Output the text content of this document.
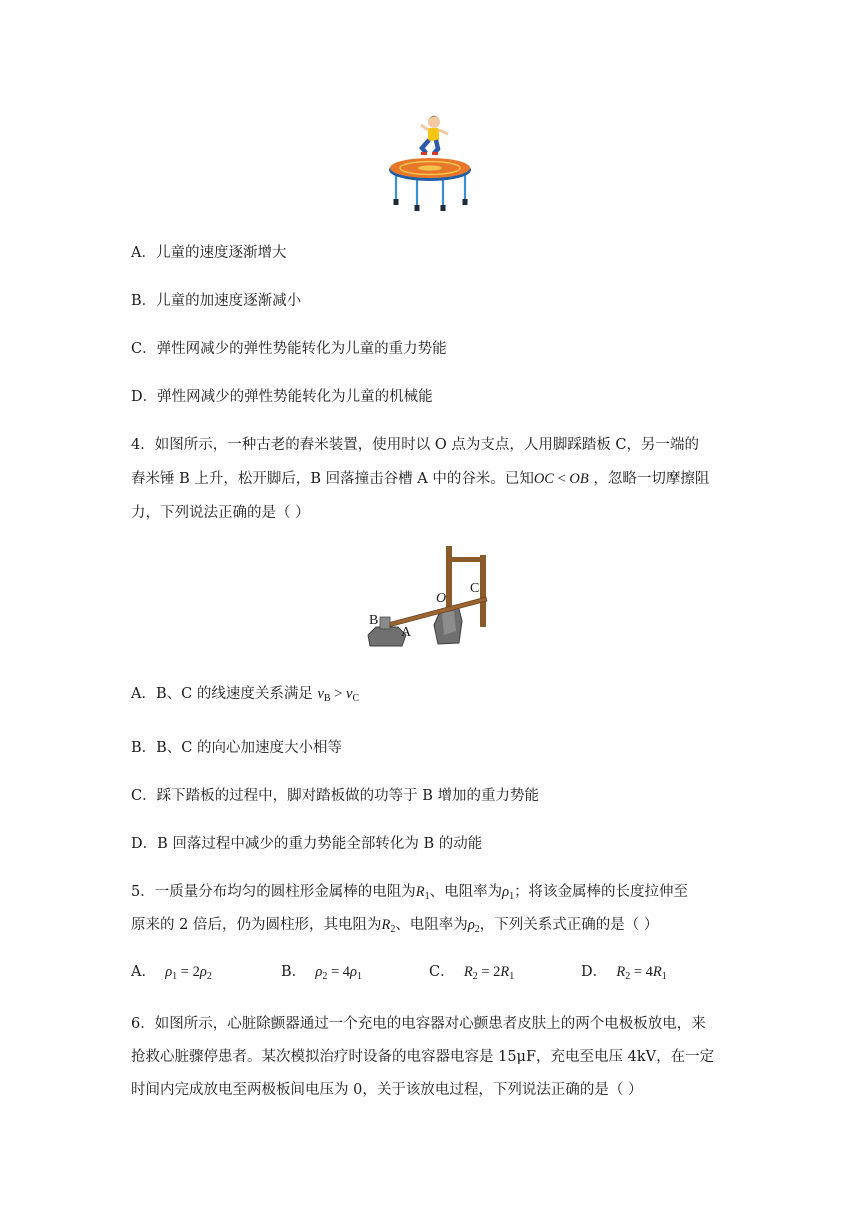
A．儿童的速度逐渐增大
B．儿童的加速度逐渐减小
C．弹性网减少的弹性势能转化为儿童的重力势能
D．弹性网减少的弹性势能转化为儿童的机械能
4．如图所示，一种古老的舂米装置，使用时以 O 点为支点，人用脚踩踏板 C，另一端的
舂米锤 B 上升，松开脚后，B 回落撞击谷槽 A 中的谷米。已知OC < OB ，忽略一切摩擦阻
力，下列说法正确的是（ ）
B
A
O
C
A．B、C 的线速度关系满足 $v_B > v_C$
B．B、C 的向心加速度大小相等
C．踩下踏板的过程中，脚对踏板做的功等于 B 增加的重力势能
D．B 回落过程中减少的重力势能全部转化为 B 的动能
5．一质量分布均匀的圆柱形金属棒的电阻为$R_1$、电阻率为$\rho_1$；将该金属棒的长度拉伸至
原来的 2 倍后，仍为圆柱形，其电阻为$R_2$、电阻率为$\rho_2$，下列关系式正确的是（ ）
A． $\rho_1 = 2\rho_2$	B． $\rho_2 = 4\rho_1$	C． $R_2 = 2R_1$	D． $R_2 = 4R_1$
6．如图所示，心脏除颤器通过一个充电的电容器对心颤患者皮肤上的两个电极板放电，来
抢救心脏骤停患者。某次模拟治疗时设备的电容器电容是 15μF，充电至电压 4kV，在一定
时间内完成放电至两极板间电压为 0，关于该放电过程，下列说法正确的是（ ）
